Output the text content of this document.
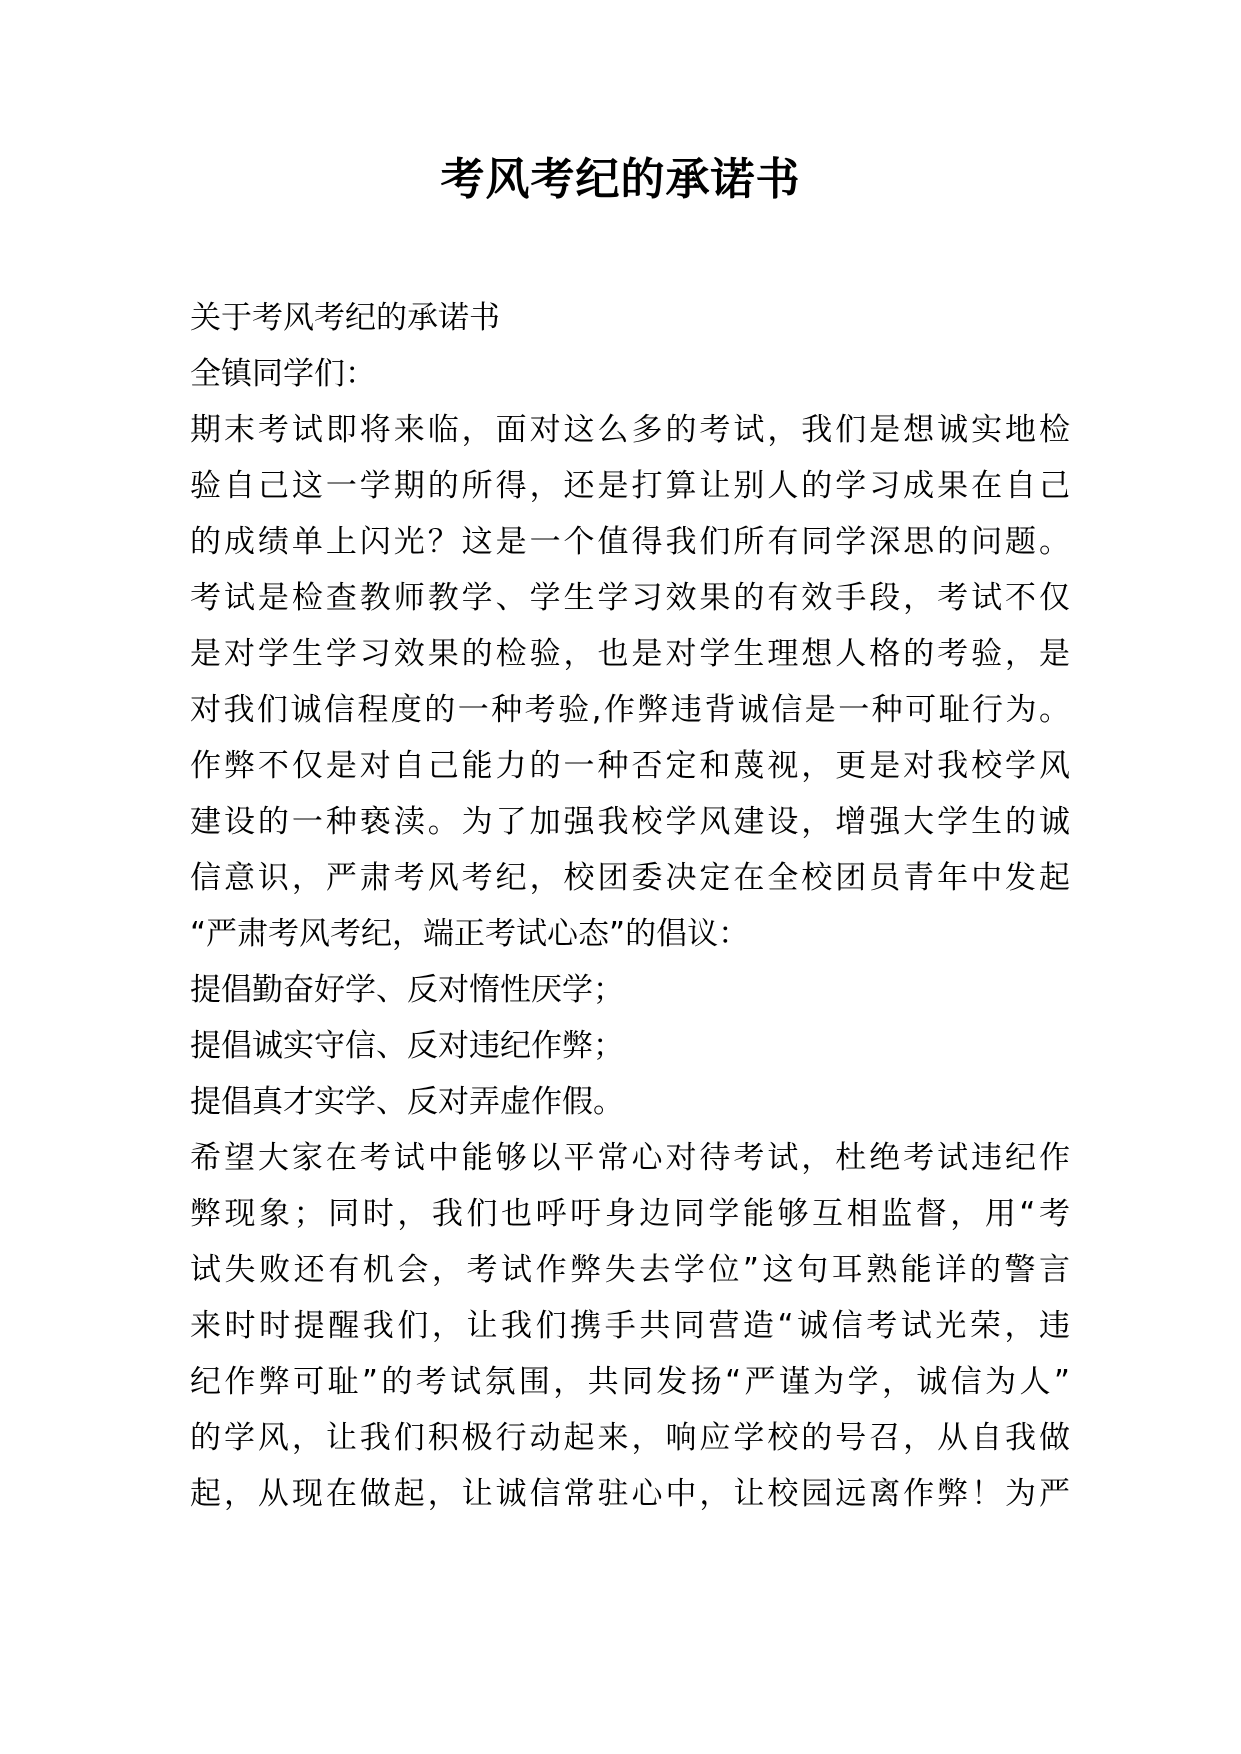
考风考纪的承诺书
关于考风考纪的承诺书
全镇同学们：
期末考试即将来临，面对这么多的考试，我们是想诚实地检
验自己这一学期的所得，还是打算让别人的学习成果在自己
的成绩单上闪光？这是一个值得我们所有同学深思的问题。
考试是检查教师教学、学生学习效果的有效手段，考试不仅
是对学生学习效果的检验，也是对学生理想人格的考验，是
对我们诚信程度的一种考验,作弊违背诚信是一种可耻行为。
作弊不仅是对自己能力的一种否定和蔑视，更是对我校学风
建设的一种亵渎。为了加强我校学风建设，增强大学生的诚
信意识，严肃考风考纪，校团委决定在全校团员青年中发起
“严肃考风考纪，端正考试心态”的倡议：
提倡勤奋好学、反对惰性厌学；
提倡诚实守信、反对违纪作弊；
提倡真才实学、反对弄虚作假。
希望大家在考试中能够以平常心对待考试，杜绝考试违纪作
弊现象；同时，我们也呼吁身边同学能够互相监督，用“考
试失败还有机会，考试作弊失去学位”这句耳熟能详的警言
来时时提醒我们，让我们携手共同营造“诚信考试光荣，违
纪作弊可耻”的考试氛围，共同发扬“严谨为学，诚信为人”
的学风，让我们积极行动起来，响应学校的号召，从自我做
起，从现在做起，让诚信常驻心中，让校园远离作弊！为严
